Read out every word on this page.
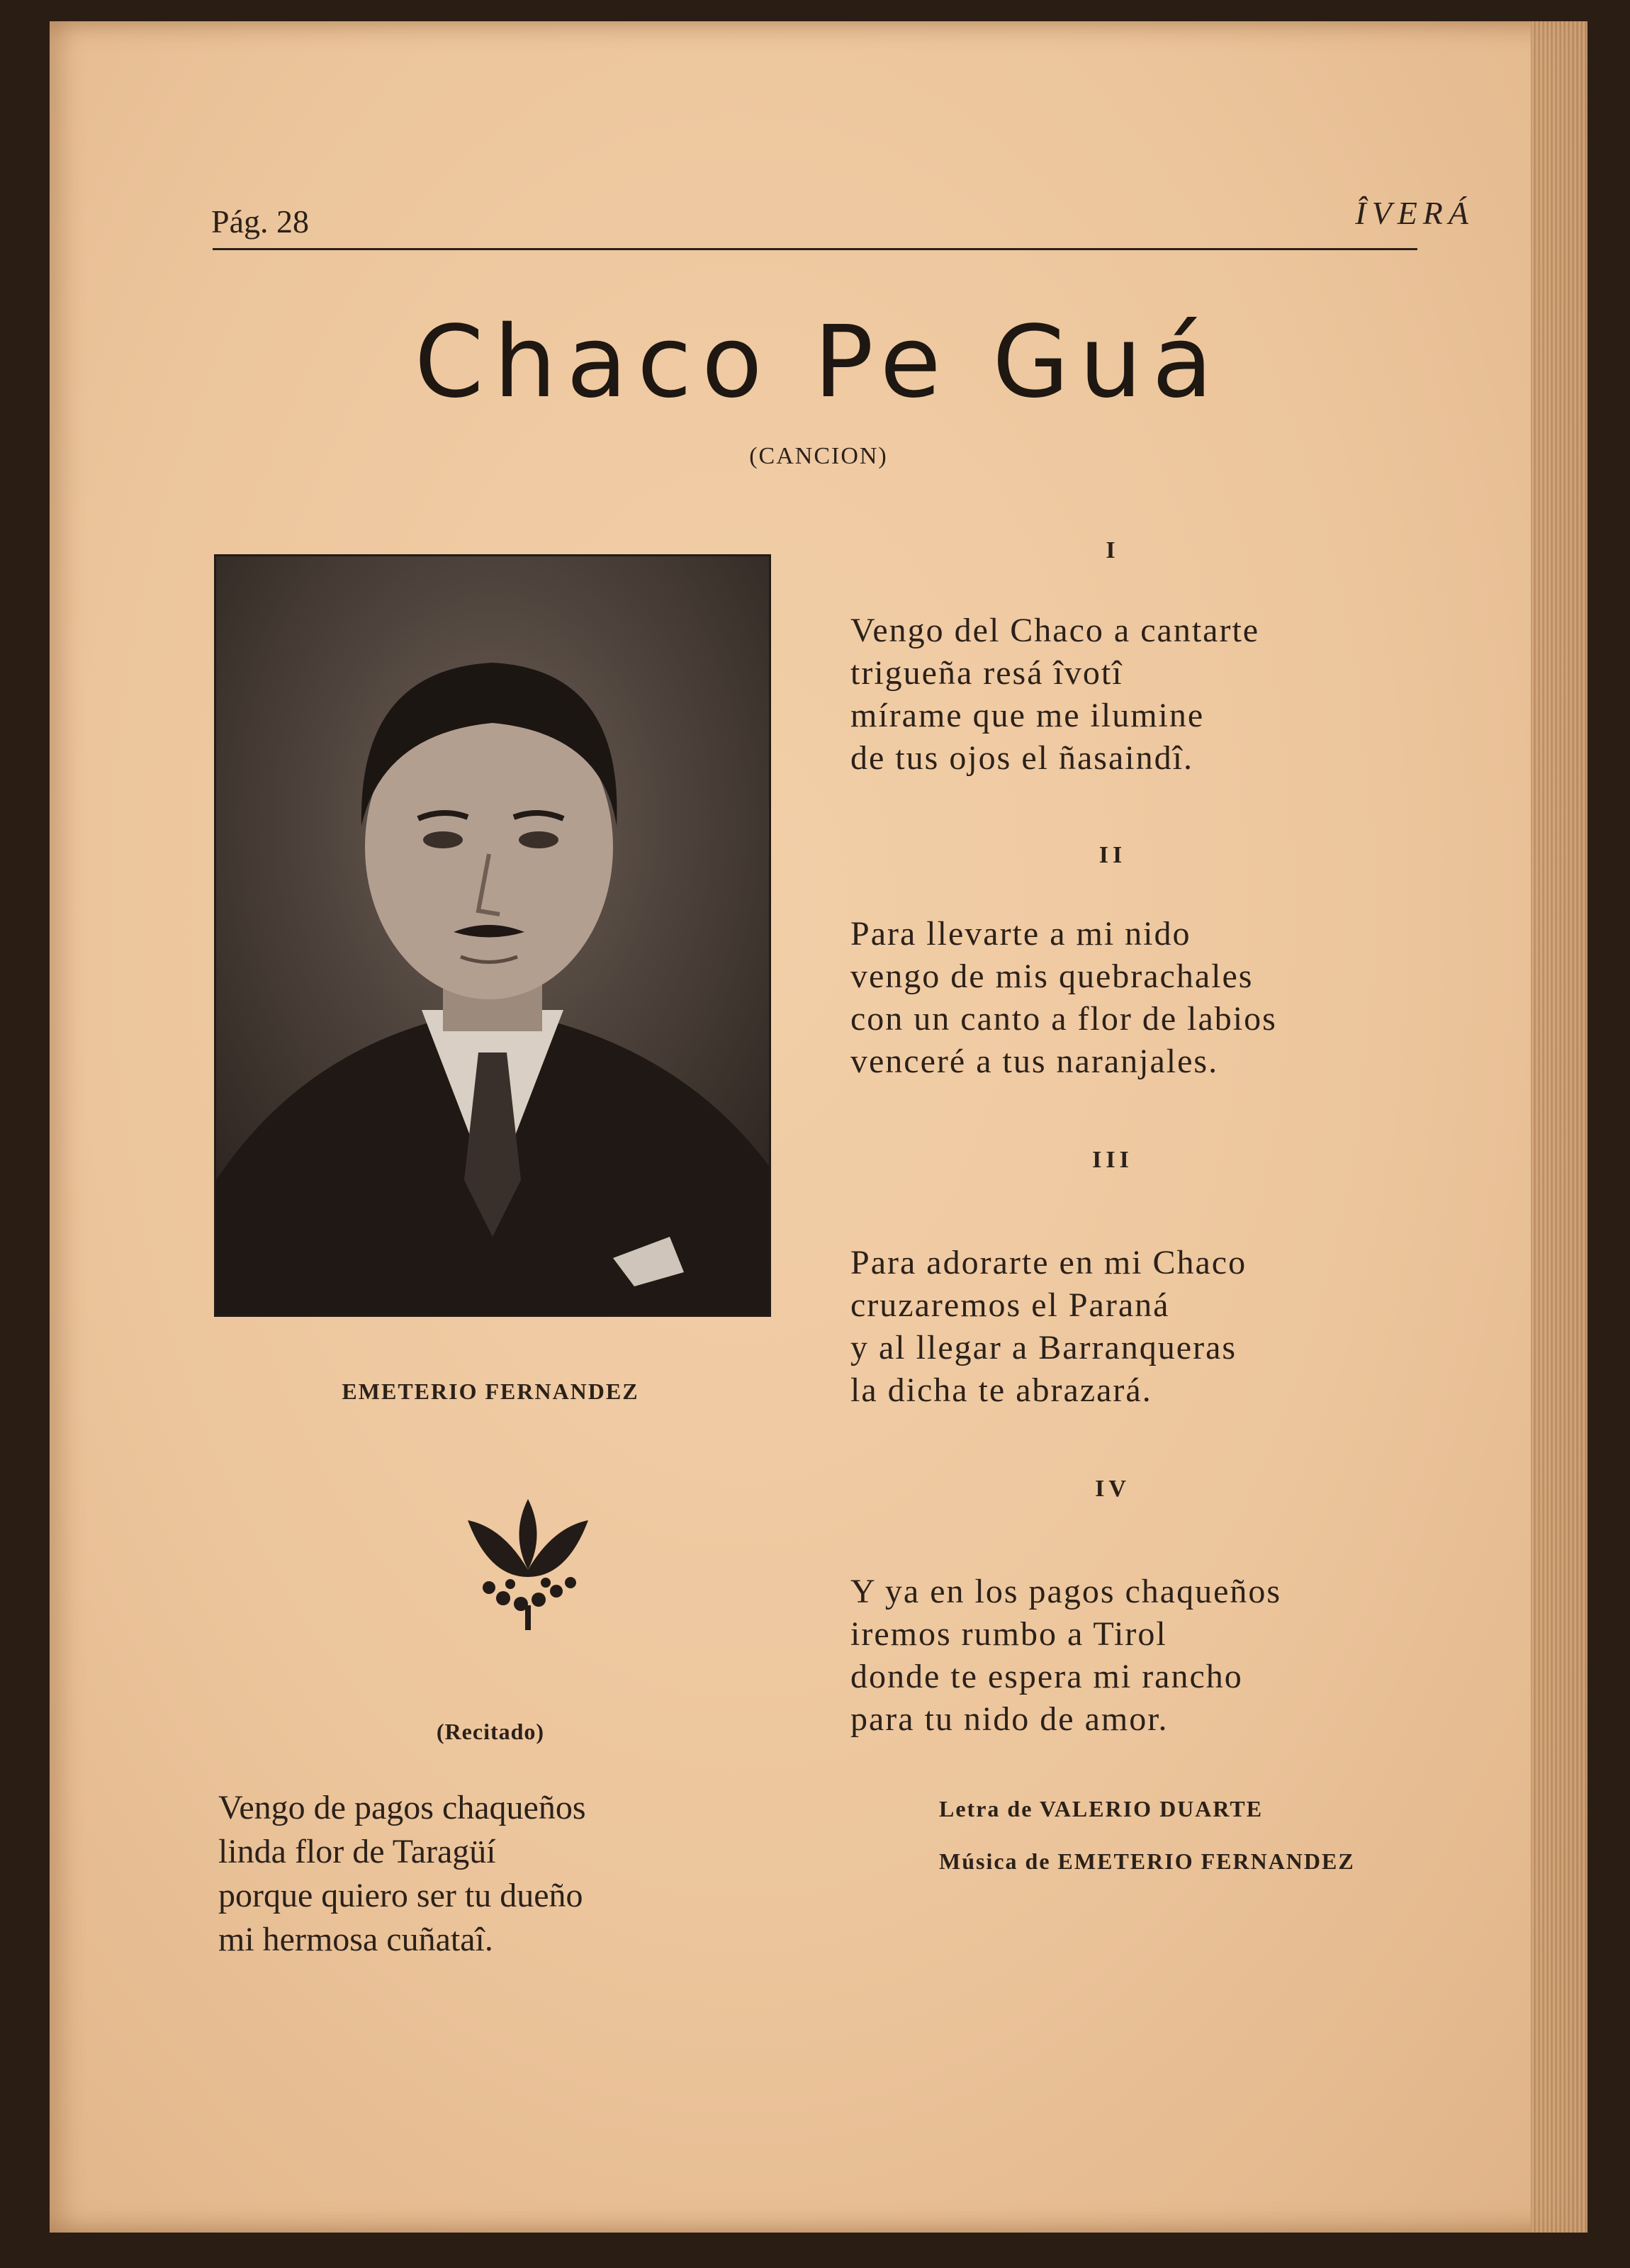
Pág. 28	ÎVERÁ
Chaco Pe Guá
(CANCION)
EMETERIO FERNANDEZ
(Recitado)
Vengo de pagos chaqueños
linda flor de Taragüí
porque quiero ser tu dueño
mi hermosa cuñataî.
I
Vengo del Chaco a cantarte
trigueña resá îvotî
mírame que me ilumine
de tus ojos el ñasaindî.
II
Para llevarte a mi nido
vengo de mis quebrachales
con un canto a flor de labios
venceré a tus naranjales.
III
Para adorarte en mi Chaco
cruzaremos el Paraná
y al llegar a Barranqueras
la dicha te abrazará.
IV
Y ya en los pagos chaqueños
iremos rumbo a Tirol
donde te espera mi rancho
para tu nido de amor.
Letra de VALERIO DUARTE
Música de EMETERIO FERNANDEZ
